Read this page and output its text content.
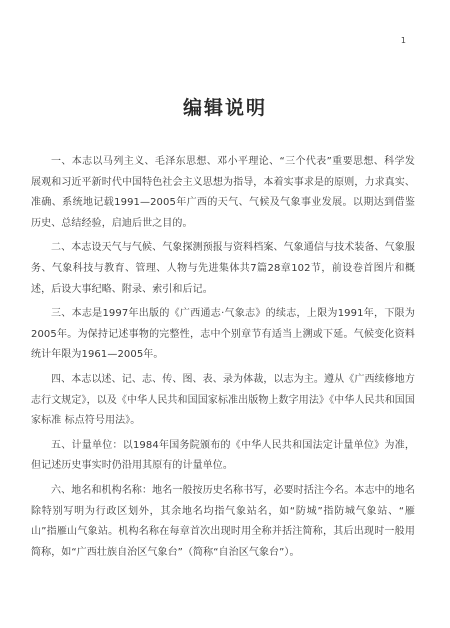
1
编辑说明

一、本志以马列主义、毛泽东思想、邓小平理论、“三个代表”重要思想、科学发展观和习近平新时代中国特色社会主义思想为指导，本着实事求是的原则，力求真实、准确、系统地记载1991—2005年广西的天气、气候及气象事业发展。以期达到借鉴历史、总结经验，启迪后世之目的。

二、本志设天气与气候、气象探测预报与资料档案、气象通信与技术装备、气象服务、气象科技与教育、管理、人物与先进集体共7篇28章102节，前设卷首图片和概述，后设大事纪略、附录、索引和后记。

三、本志是1997年出版的《广西通志·气象志》的续志，上限为1991年，下限为2005年。为保持记述事物的完整性，志中个别章节有适当上溯或下延。气候变化资料统计年限为1961—2005年。

四、本志以述、记、志、传、图、表、录为体裁，以志为主。遵从《广西续修地方志行文规定》，以及《中华人民共和国国家标准出版物上数字用法》《中华人民共和国国家标准 标点符号用法》。

五、计量单位：以1984年国务院颁布的《中华人民共和国法定计量单位》为准，但记述历史事实时仍沿用其原有的计量单位。

六、地名和机构名称：地名一般按历史名称书写，必要时括注今名。本志中的地名除特别写明为行政区划外，其余地名均指气象站名，如“防城”指防城气象站、“雁山”指雁山气象站。机构名称在每章首次出现时用全称并括注简称，其后出现时一般用简称，如“广西壮族自治区气象台”（简称“自治区气象台”）。
